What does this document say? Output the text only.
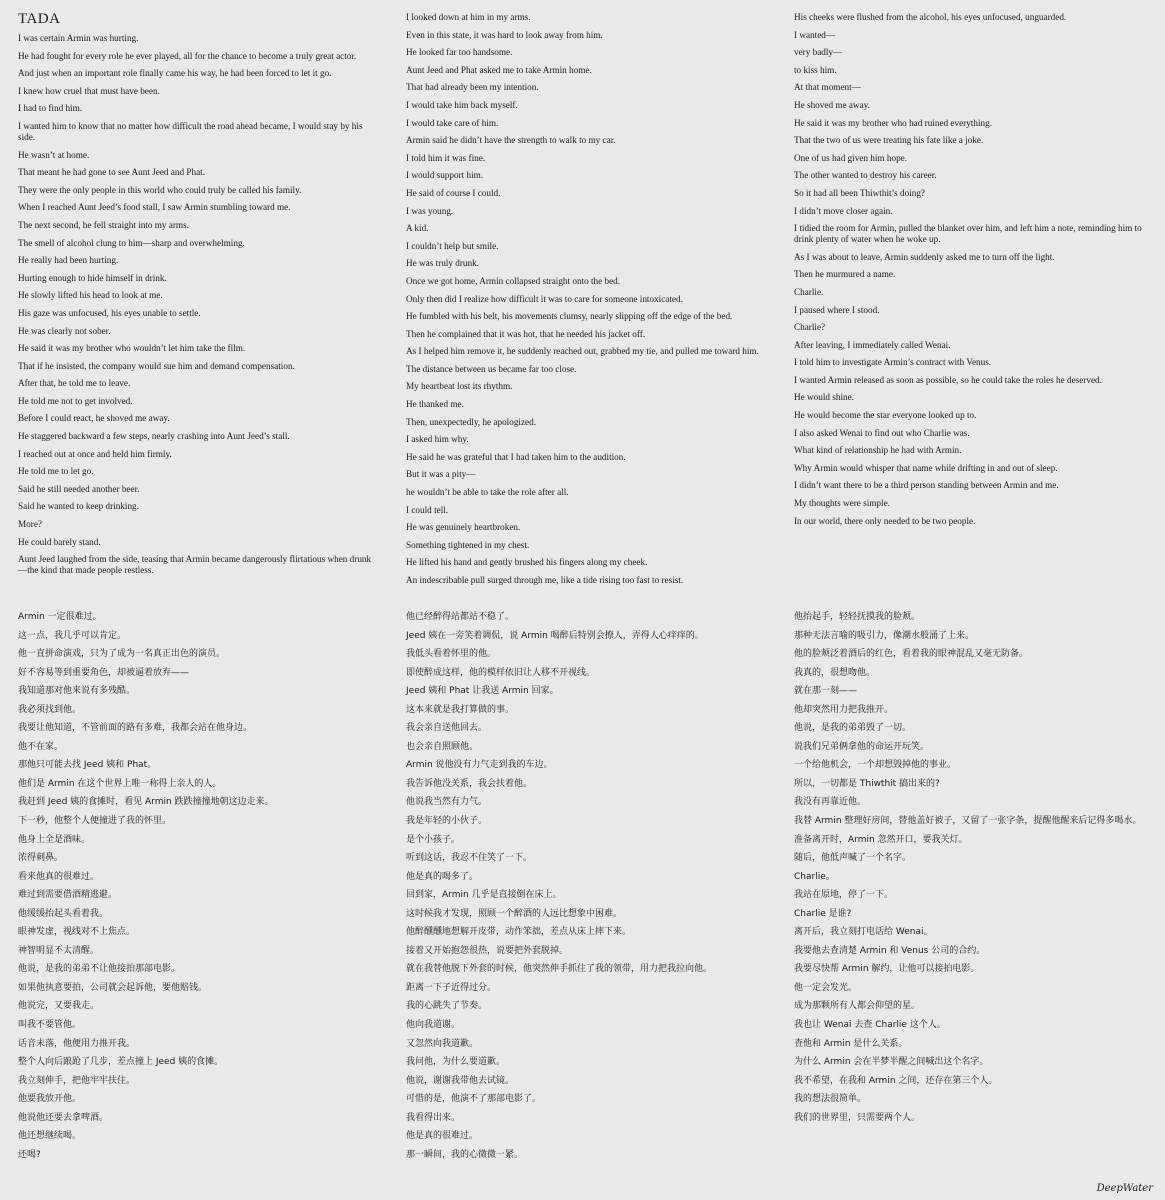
TADA

I was certain Armin was hurting.

He had fought for every role he ever played, all for the chance to become a truly great actor.

And just when an important role finally came his way, he had been forced to let it go.

I knew how cruel that must have been.

I had to find him.

I wanted him to know that no matter how difficult the road ahead became, I would stay by his side.

He wasn’t at home.

That meant he had gone to see Aunt Jeed and Phat.

They were the only people in this world who could truly be called his family.

When I reached Aunt Jeed’s food stall, I saw Armin stumbling toward me.

The next second, he fell straight into my arms.

The smell of alcohol clung to him—sharp and overwhelming.

He really had been hurting.

Hurting enough to hide himself in drink.

He slowly lifted his head to look at me.

His gaze was unfocused, his eyes unable to settle.

He was clearly not sober.

He said it was my brother who wouldn’t let him take the film.

That if he insisted, the company would sue him and demand compensation.

After that, he told me to leave.

He told me not to get involved.

Before I could react, he shoved me away.

He staggered backward a few steps, nearly crashing into Aunt Jeed’s stall.

I reached out at once and held him firmly.

He told me to let go.

Said he still needed another beer.

Said he wanted to keep drinking.

More?

He could barely stand.

Aunt Jeed laughed from the side, teasing that Armin became dangerously flirtatious when drunk—the kind that made people restless.

I looked down at him in my arms.

Even in this state, it was hard to look away from him.

He looked far too handsome.

Aunt Jeed and Phat asked me to take Armin home.

That had already been my intention.

I would take him back myself.

I would take care of him.

Armin said he didn’t have the strength to walk to my car.

I told him it was fine.

I would support him.

He said of course I could.

I was young.

A kid.

I couldn’t help but smile.

He was truly drunk.

Once we got home, Armin collapsed straight onto the bed.

Only then did I realize how difficult it was to care for someone intoxicated.

He fumbled with his belt, his movements clumsy, nearly slipping off the edge of the bed.

Then he complained that it was hot, that he needed his jacket off.

As I helped him remove it, he suddenly reached out, grabbed my tie, and pulled me toward him.

The distance between us became far too close.

My heartbeat lost its rhythm.

He thanked me.

Then, unexpectedly, he apologized.

I asked him why.

He said he was grateful that I had taken him to the audition.

But it was a pity—

he wouldn’t be able to take the role after all.

I could tell.

He was genuinely heartbroken.

Something tightened in my chest.

He lifted his hand and gently brushed his fingers along my cheek.

An indescribable pull surged through me, like a tide rising too fast to resist.

His cheeks were flushed from the alcohol, his eyes unfocused, unguarded.

I wanted—

very badly—

to kiss him.

At that moment—

He shoved me away.

He said it was my brother who had ruined everything.

That the two of us were treating his fate like a joke.

One of us had given him hope.

The other wanted to destroy his career.

So it had all been Thiwthit’s doing?

I didn’t move closer again.

I tidied the room for Armin, pulled the blanket over him, and left him a note, reminding him to drink plenty of water when he woke up.

As I was about to leave, Armin suddenly asked me to turn off the light.

Then he murmured a name.

Charlie.

I paused where I stood.

Charlie?

After leaving, I immediately called Wenai.

I told him to investigate Armin’s contract with Venus.

I wanted Armin released as soon as possible, so he could take the roles he deserved.

He would shine.

He would become the star everyone looked up to.

I also asked Wenai to find out who Charlie was.

What kind of relationship he had with Armin.

Why Armin would whisper that name while drifting in and out of sleep.

I didn’t want there to be a third person standing between Armin and me.

My thoughts were simple.

In our world, there only needed to be two people.

Armin 一定很难过。

这一点，我几乎可以肯定。

他一直拼命演戏，只为了成为一名真正出色的演员。

好不容易等到重要角色，却被逼着放弃——

我知道那对他来说有多残酷。

我必须找到他。

我要让他知道，不管前面的路有多难，我都会站在他身边。

他不在家。

那他只可能去找 Jeed 姨和 Phat。

他们是 Armin 在这个世界上唯一称得上亲人的人。

我赶到 Jeed 姨的食摊时，看见 Armin 跌跌撞撞地朝这边走来。

下一秒，他整个人便撞进了我的怀里。

他身上全是酒味。

浓得刺鼻。

看来他真的很难过。

难过到需要借酒精逃避。

他缓缓抬起头看着我。

眼神发虚，视线对不上焦点。

神智明显不太清醒。

他说，是我的弟弟不让他接拍那部电影。

如果他执意要拍，公司就会起诉他，要他赔钱。

他说完，又要我走。

叫我不要管他。

话音未落，他便用力推开我。

整个人向后踉跄了几步，差点撞上 Jeed 姨的食摊。

我立刻伸手，把他牢牢扶住。

他要我放开他。

他说他还要去拿啤酒。

他还想继续喝。

还喝?

他已经醉得站都站不稳了。

Jeed 姨在一旁笑着调侃，说 Armin 喝醉后特别会撩人，弄得人心痒痒的。

我低头看着怀里的他。

即使醉成这样，他的模样依旧让人移不开视线。

Jeed 姨和 Phat 让我送 Armin 回家。

这本来就是我打算做的事。

我会亲自送他回去。

也会亲自照顾他。

Armin 说他没有力气走到我的车边。

我告诉他没关系，我会扶着他。

他说我当然有力气。

我是年轻的小伙子。

是个小孩子。

听到这话，我忍不住笑了一下。

他是真的喝多了。

回到家，Armin 几乎是直接倒在床上。

这时候我才发现，照顾一个醉酒的人远比想象中困难。

他醉醺醺地想解开皮带，动作笨拙，差点从床上摔下来。

接着又开始抱怨很热，说要把外套脱掉。

就在我替他脱下外套的时候，他突然伸手抓住了我的领带，用力把我拉向他。

距离一下子近得过分。

我的心跳失了节奏。

他向我道谢。

又忽然向我道歉。

我问他，为什么要道歉。

他说，谢谢我带他去试镜。

可惜的是，他演不了那部电影了。

我看得出来。

他是真的很难过。

那一瞬间，我的心微微一紧。

他抬起手，轻轻抚摸我的脸颊。

那种无法言喻的吸引力，像潮水般涌了上来。

他的脸颊泛着酒后的红色，看着我的眼神混乱又毫无防备。

我真的，很想吻他。

就在那一刻——

他却突然用力把我推开。

他说，是我的弟弟毁了一切。

说我们兄弟俩拿他的命运开玩笑。

一个给他机会，一个却想毁掉他的事业。

所以，一切都是 Thiwthit 搞出来的?

我没有再靠近他。

我替 Armin 整理好房间，替他盖好被子，又留了一张字条，提醒他醒来后记得多喝水。

准备离开时，Armin 忽然开口，要我关灯。

随后，他低声喊了一个名字。

Charlie。

我站在原地，停了一下。

Charlie 是谁?

离开后，我立刻打电话给 Wenai。

我要他去查清楚 Armin 和 Venus 公司的合约。

我要尽快帮 Armin 解约，让他可以接拍电影。

他一定会发光。

成为那颗所有人都会仰望的星。

我也让 Wenai 去查 Charlie 这个人。

查他和 Armin 是什么关系。

为什么 Armin 会在半梦半醒之间喊出这个名字。

我不希望，在我和 Armin 之间，还存在第三个人。

我的想法很简单。

我们的世界里，只需要两个人。

DeepWater
